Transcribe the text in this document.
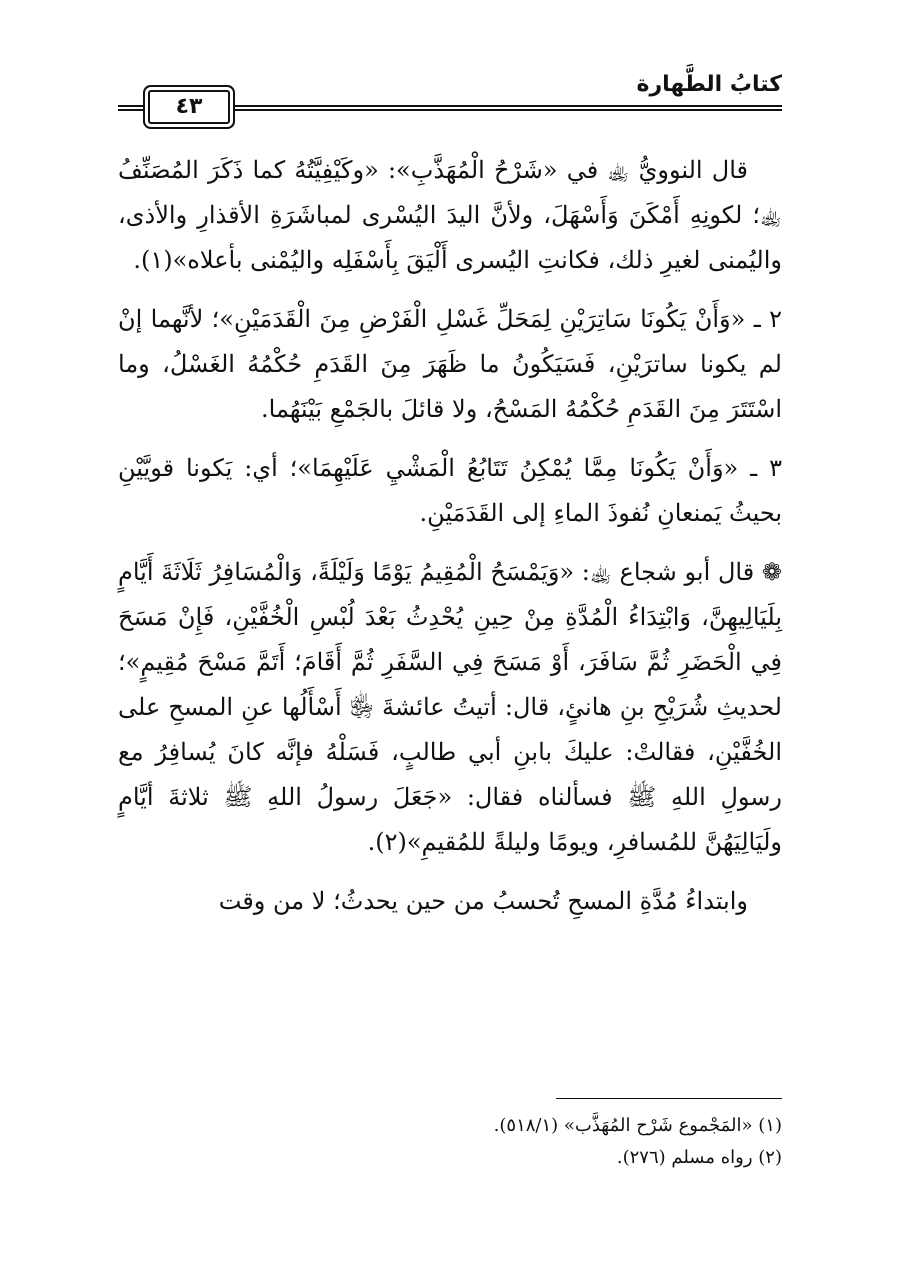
كتابُ الطَّهارة
٤٣

قال النوويُّ ﵀ في «شَرْحُ الْمُهَذَّبِ»: «وكَيْفِيَّتُهُ كما ذَكَرَ المُصَنِّفُ ﵀؛ لكونِهِ أَمْكَنَ وَأَسْهَلَ، ولأنَّ اليدَ اليُسْرى لمباشَرَةِ الأقذارِ والأذى، واليُمنى لغيرِ ذلك، فكانتِ اليُسرى أَلْيَقَ بِأَسْفَلِه واليُمْنى بأعلاه»(١).

٢ ـ «وَأَنْ يَكُونَا سَاتِرَيْنِ لِمَحَلِّ غَسْلِ الْفَرْضِ مِنَ الْقَدَمَيْنِ»؛ لأنَّهما إنْ لم يكونا ساترَيْنِ، فَسَيَكُونُ ما ظَهَرَ مِنَ القَدَمِ حُكْمُهُ الغَسْلُ، وما اسْتَتَرَ مِنَ القَدَمِ حُكْمُهُ المَسْحُ، ولا قائلَ بالجَمْعِ بَيْنَهُما.

٣ ـ «وَأَنْ يَكُونَا مِمَّا يُمْكِنُ تَتَابُعُ الْمَشْيِ عَلَيْهِمَا»؛ أي: يَكونا قويَّيْنِ بحيثُ يَمنعانِ نُفوذَ الماءِ إلى القَدَمَيْنِ.

❁ قال أبو شجاع ﵀: «وَيَمْسَحُ الْمُقِيمُ يَوْمًا وَلَيْلَةً، وَالْمُسَافِرُ ثَلَاثَةَ أَيَّامٍ بِلَيَالِيهِنَّ، وَابْتِدَاءُ الْمُدَّةِ مِنْ حِينِ يُحْدِثُ بَعْدَ لُبْسِ الْخُفَّيْنِ، فَإِنْ مَسَحَ فِي الْحَضَرِ ثُمَّ سَافَرَ، أَوْ مَسَحَ فِي السَّفَرِ ثُمَّ أَقَامَ؛ أَتَمَّ مَسْحَ مُقِيمٍ»؛ لحديثِ شُرَيْحِ بنِ هانئٍ، قال: أتيتُ عائشةَ ﵂ أَسْأَلُها عنِ المسحِ على الخُفَّيْنِ، فقالتْ: عليكَ بابنِ أبي طالبٍ، فَسَلْهُ فإنَّه كانَ يُسافِرُ مع رسولِ اللهِ ﷺ فسألناه فقال: «جَعَلَ رسولُ اللهِ ﷺ ثلاثةَ أيَّامٍ ولَيَالِيَهُنَّ للمُسافرِ، ويومًا وليلةً للمُقيمِ»(٢).

وابتداءُ مُدَّةِ المسحِ تُحسبُ من حين يحدثُ؛ لا من وقت

(١) «المَجْموع شَرْح المُهَذَّب» (٥١٨/١).

(٢) رواه مسلم (٢٧٦).
